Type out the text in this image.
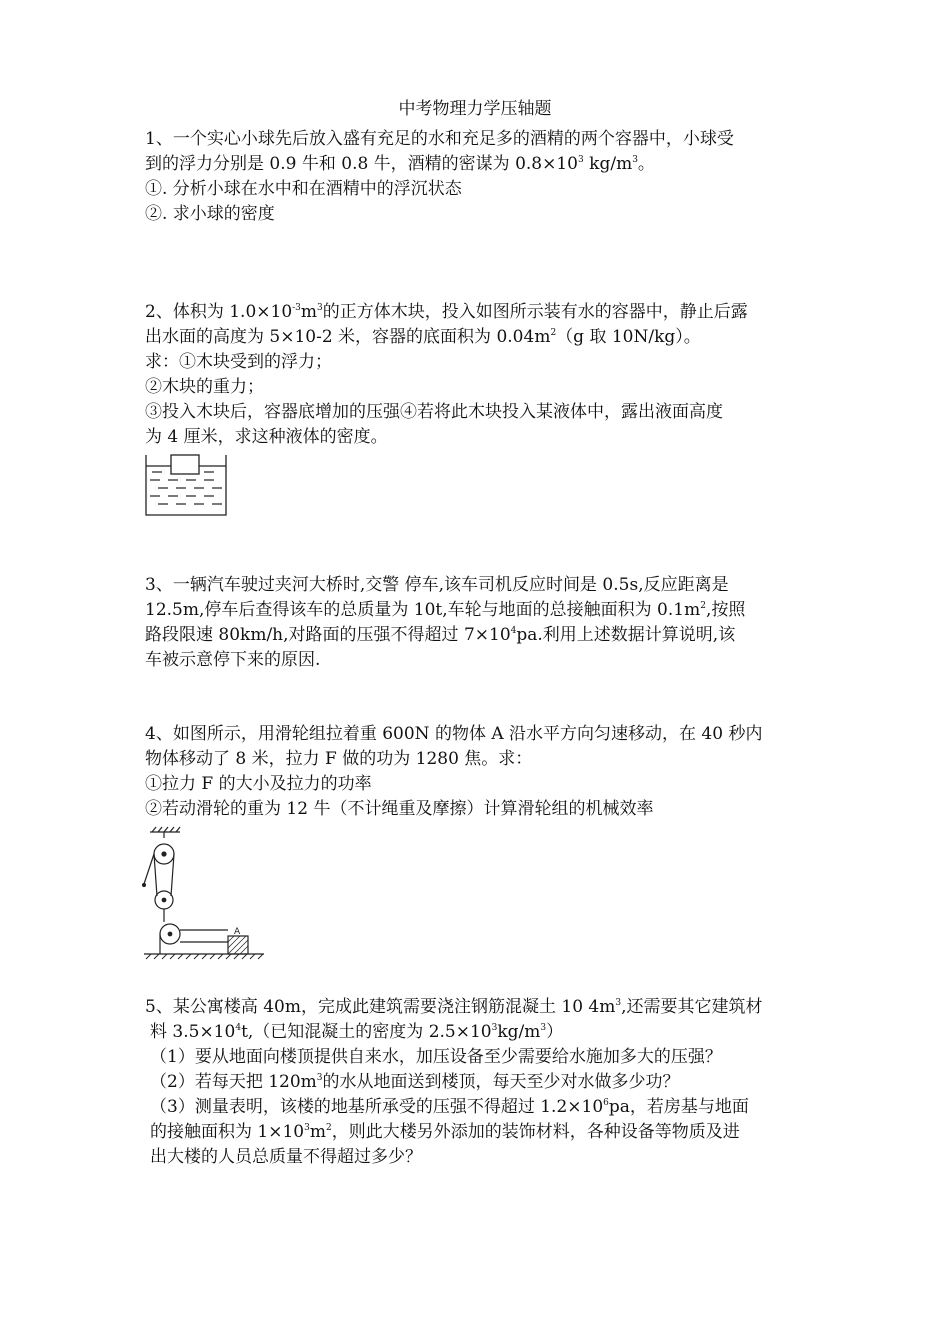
中考物理力学压轴题
1、一个实心小球先后放入盛有充足的水和充足多的酒精的两个容器中，小球受
到的浮力分别是 0.9 牛和 0.8 牛，酒精的密谋为 $0.8\times 10^3$ $kg/m^3$。
①. 分析小球在水中和在酒精中的浮沉状态
②. 求小球的密度
2、体积为 $1.0\times 10^{-3}m^3$的正方体木块，投入如图所示装有水的容器中，静止后露
出水面的高度为 5×10-2 米，容器的底面积为 $0.04m^2(g$ 取 10N/kg）。
求：①木块受到的浮力；
②木块的重力；
③投入木块后，容器底增加的压强④若将此木块投入某液体中，露出液面高度
为 4 厘米，求这种液体的密度。
3、一辆汽车驶过夹河大桥时,交警 停车,该车司机反应时间是 0.5s,反应距离是
12.5m,停车后查得该车的总质量为 10t,车轮与地面的总接触面积为 $0.1m^2$,按照
路段限速 80km/h,对路面的压强不得超过 $7\times 10^4pa$.利用上述数据计算说明,该
车被示意停下来的原因.
4、如图所示，用滑轮组拉着重 600N 的物体 A 沿水平方向匀速移动，在 40 秒内
物体移动了 8 米，拉力 F 做的功为 1280 焦。求：
①拉力 F 的大小及拉力的功率
②若动滑轮的重为 12 牛（不计绳重及摩擦）计算滑轮组的机械效率
A
5、某公寓楼高 40m，完成此建筑需要浇注钢筋混凝土 10 $4m^3$,还需要其它建筑材
料 $3.5\times 10^4t$,（已知混凝土的密度为 $2.5\times 10^3kg/m^3$）
（1）要从地面向楼顶提供自来水，加压设备至少需要给水施加多大的压强？
（2）若每天把 $120m^3$的水从地面送到楼顶，每天至少对水做多少功？
（3）测量表明，该楼的地基所承受的压强不得超过 $1.2\times 10^6pa$，若房基与地面
的接触面积为 $1\times 10^3m^2$，则此大楼另外添加的装饰材料，各种设备等物质及进
出大楼的人员总质量不得超过多少？
